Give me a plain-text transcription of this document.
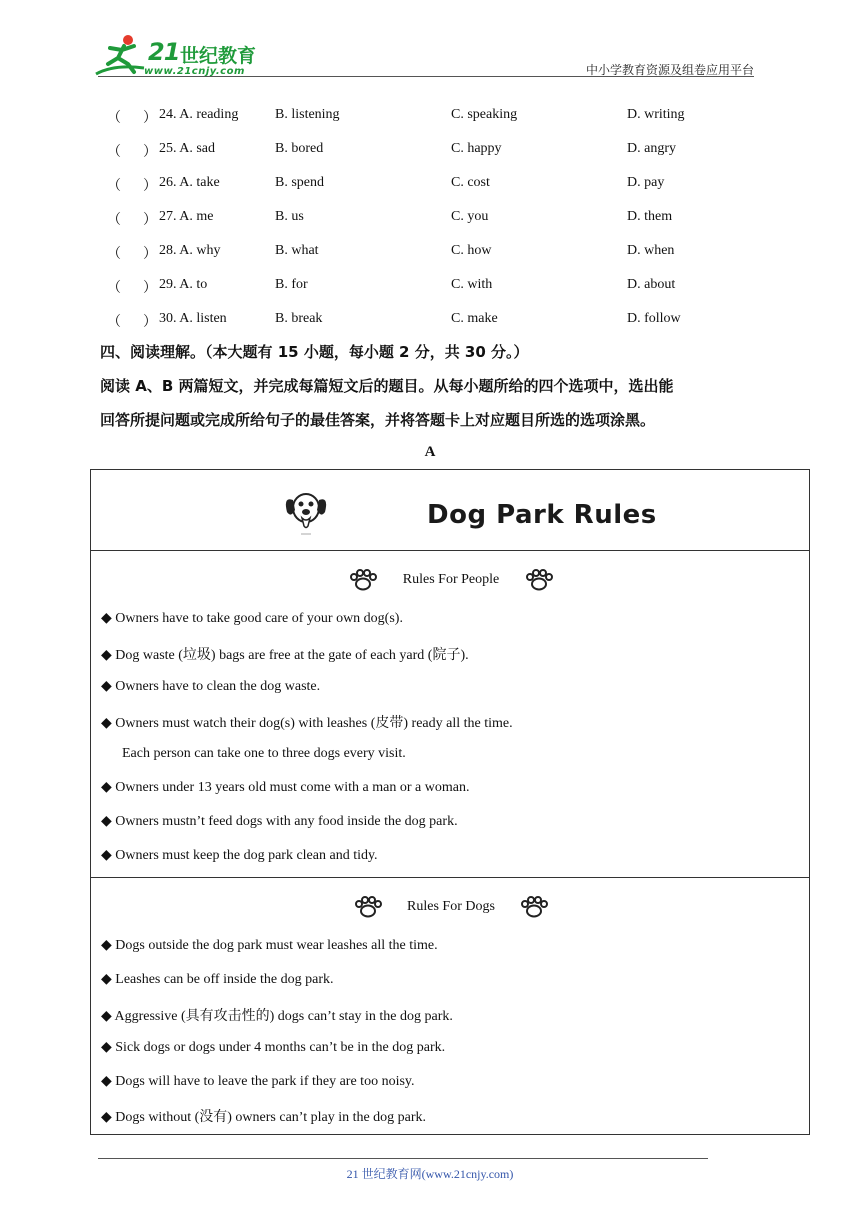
21 世纪教育
www.21cnjy.com	中小学教育资源及组卷应用平台
（ ） 24. A. reading	B. listening	C. speaking	D. writing
（ ） 25. A. sad	B. bored	C. happy	D. angry
（ ） 26. A. take	B. spend	C. cost	D. pay
（ ） 27. A. me	B. us	C. you	D. them
（ ） 28. A. why	B. what	C. how	D. when
（ ） 29. A. to	B. for	C. with	D. about
（ ） 30. A. listen	B. break	C. make	D. follow
四、阅读理解。（本大题有 15 小题，每小题 2 分，共 30 分。）
阅读 A、B 两篇短文，并完成每篇短文后的题目。从每小题所给的四个选项中，选出能
回答所提问题或完成所给句子的最佳答案，并将答题卡上对应题目所选的选项涂黑。
A
Dog Park Rules
Rules For People
◆ Owners have to take good care of your own dog(s).
◆ Dog waste (垃圾) bags are free at the gate of each yard (院子).
◆ Owners have to clean the dog waste.
◆ Owners must watch their dog(s) with leashes (皮带) ready all the time.
Each person can take one to three dogs every visit.
◆ Owners under 13 years old must come with a man or a woman.
◆ Owners mustn’t feed dogs with any food inside the dog park.
◆ Owners must keep the dog park clean and tidy.
Rules For Dogs
◆ Dogs outside the dog park must wear leashes all the time.
◆ Leashes can be off inside the dog park.
◆ Aggressive (具有攻击性的) dogs can’t stay in the dog park.
◆ Sick dogs or dogs under 4 months can’t be in the dog park.
◆ Dogs will have to leave the park if they are too noisy.
◆ Dogs without (没有) owners can’t play in the dog park.
21 世纪教育网(www.21cnjy.com)
